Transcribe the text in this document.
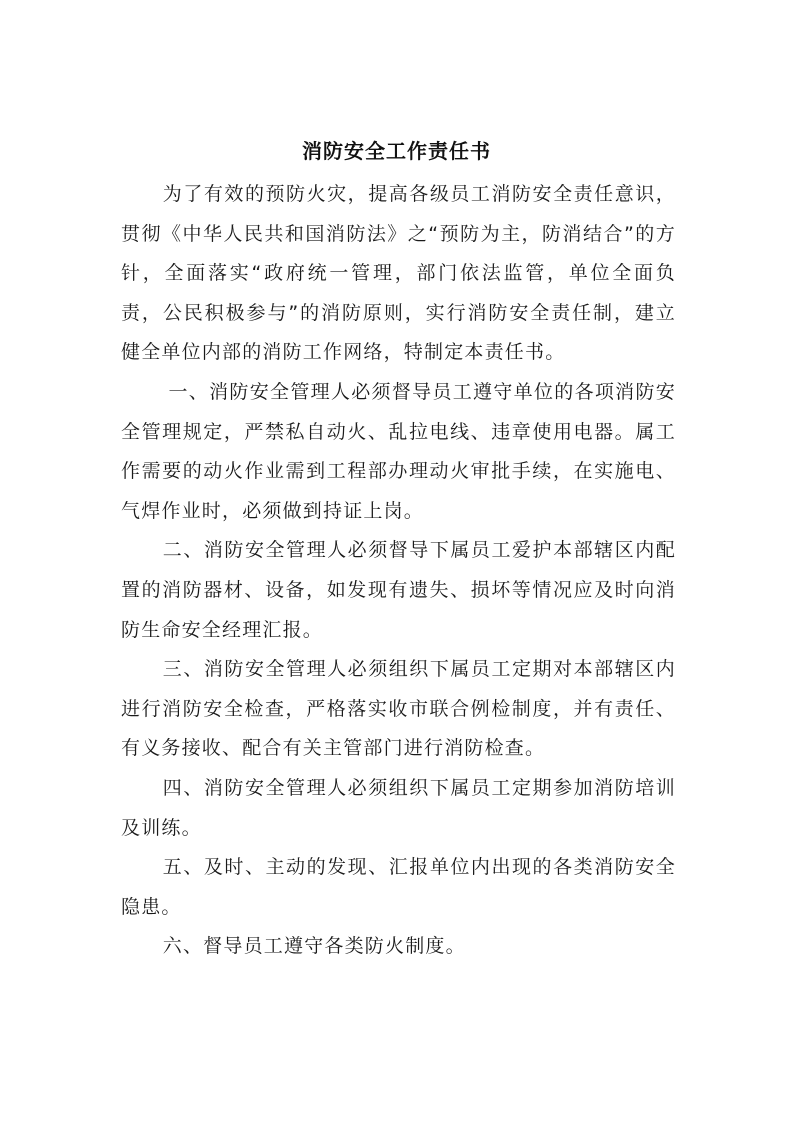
消防安全工作责任书

为了有效的预防火灾，提高各级员工消防安全责任意识，贯彻《中华人民共和国消防法》之“预防为主，防消结合”的方针，全面落实“政府统一管理，部门依法监管，单位全面负责，公民积极参与”的消防原则，实行消防安全责任制，建立健全单位内部的消防工作网络，特制定本责任书。

一、消防安全管理人必须督导员工遵守单位的各项消防安全管理规定，严禁私自动火、乱拉电线、违章使用电器。属工作需要的动火作业需到工程部办理动火审批手续，在实施电、气焊作业时，必须做到持证上岗。

二、消防安全管理人必须督导下属员工爱护本部辖区内配置的消防器材、设备，如发现有遗失、损坏等情况应及时向消防生命安全经理汇报。

三、消防安全管理人必须组织下属员工定期对本部辖区内进行消防安全检查，严格落实收市联合例检制度，并有责任、有义务接收、配合有关主管部门进行消防检查。

四、消防安全管理人必须组织下属员工定期参加消防培训及训练。

五、及时、主动的发现、汇报单位内出现的各类消防安全隐患。

六、督导员工遵守各类防火制度。
